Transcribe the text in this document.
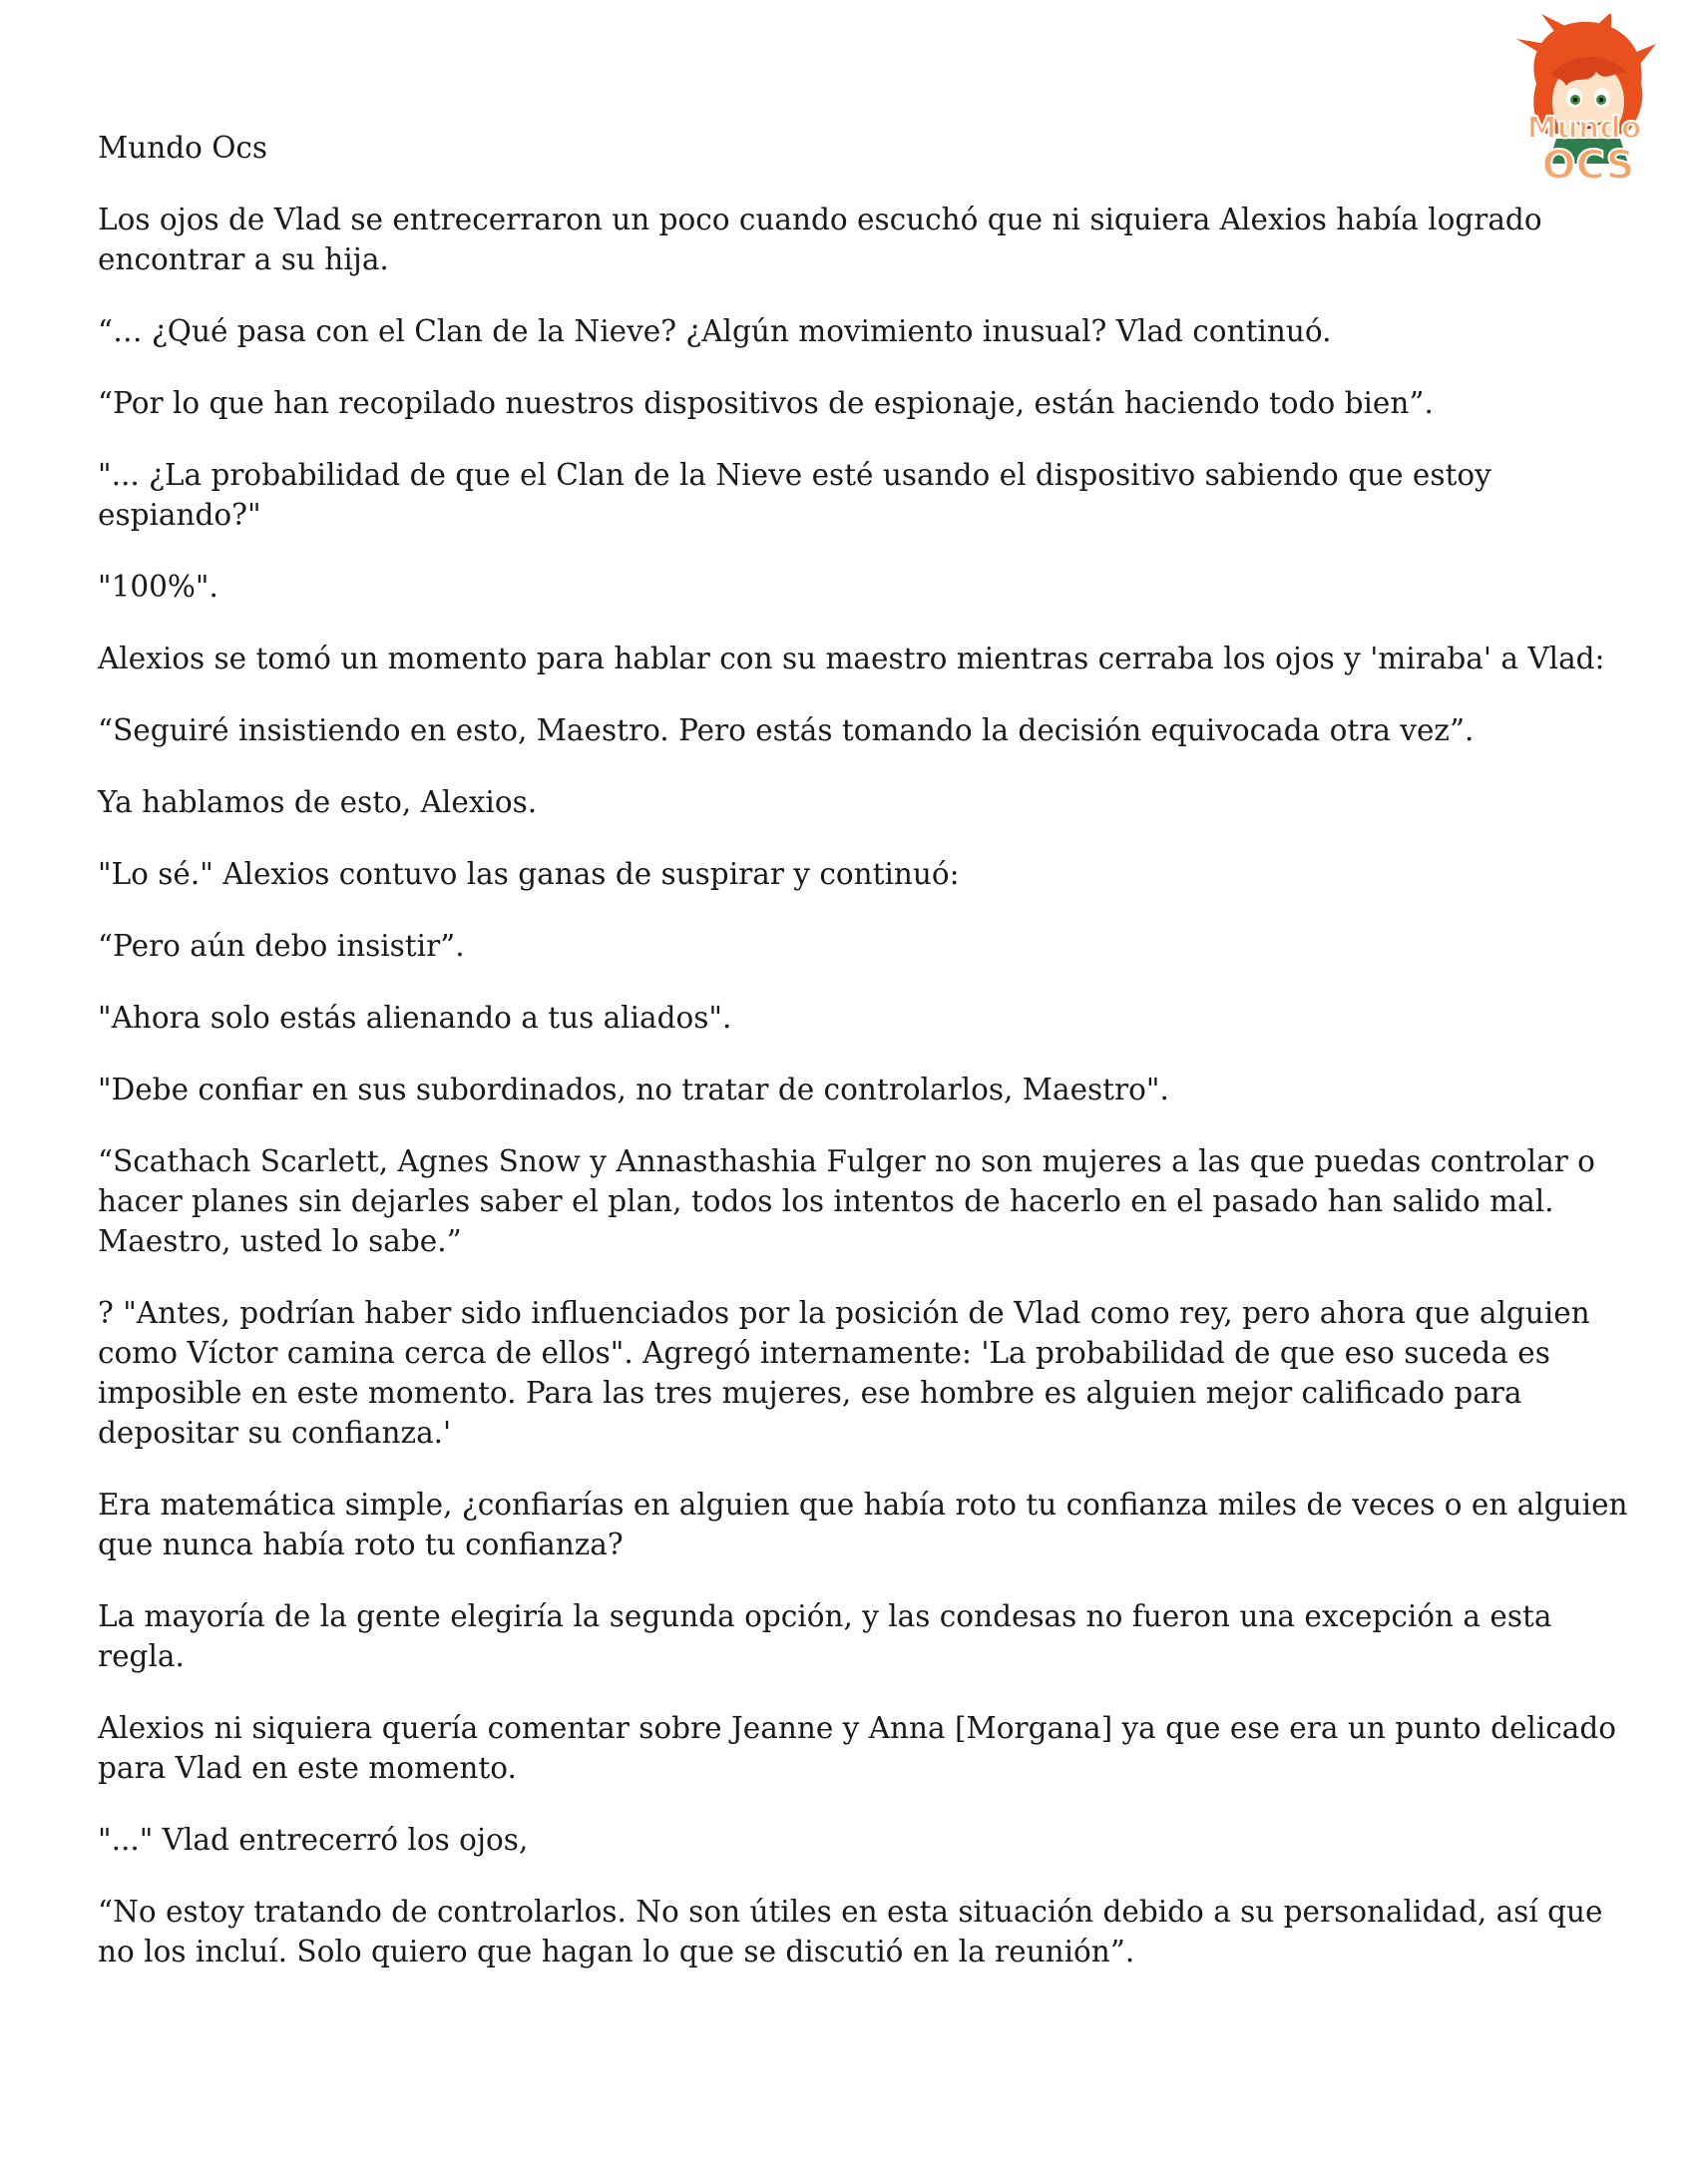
Mundo
OCS
Mundo Ocs

Los ojos de Vlad se entrecerraron un poco cuando escuchó que ni siquiera Alexios había logrado encontrar a su hija.

“… ¿Qué pasa con el Clan de la Nieve? ¿Algún movimiento inusual? Vlad continuó.

“Por lo que han recopilado nuestros dispositivos de espionaje, están haciendo todo bien”.

"... ¿La probabilidad de que el Clan de la Nieve esté usando el dispositivo sabiendo que estoy espiando?"

"100%".

Alexios se tomó un momento para hablar con su maestro mientras cerraba los ojos y 'miraba' a Vlad:

“Seguiré insistiendo en esto, Maestro. Pero estás tomando la decisión equivocada otra vez”.

Ya hablamos de esto, Alexios.

"Lo sé." Alexios contuvo las ganas de suspirar y continuó:

“Pero aún debo insistir”.

"Ahora solo estás alienando a tus aliados".

"Debe confiar en sus subordinados, no tratar de controlarlos, Maestro".

“Scathach Scarlett, Agnes Snow y Annasthashia Fulger no son mujeres a las que puedas controlar o hacer planes sin dejarles saber el plan, todos los intentos de hacerlo en el pasado han salido mal. Maestro, usted lo sabe.”

? "Antes, podrían haber sido influenciados por la posición de Vlad como rey, pero ahora que alguien como Víctor camina cerca de ellos". Agregó internamente: 'La probabilidad de que eso suceda es imposible en este momento. Para las tres mujeres, ese hombre es alguien mejor calificado para depositar su confianza.'

Era matemática simple, ¿confiarías en alguien que había roto tu confianza miles de veces o en alguien que nunca había roto tu confianza?

La mayoría de la gente elegiría la segunda opción, y las condesas no fueron una excepción a esta regla.

Alexios ni siquiera quería comentar sobre Jeanne y Anna [Morgana] ya que ese era un punto delicado para Vlad en este momento.

"..." Vlad entrecerró los ojos,

“No estoy tratando de controlarlos. No son útiles en esta situación debido a su personalidad, así que no los incluí. Solo quiero que hagan lo que se discutió en la reunión”.
